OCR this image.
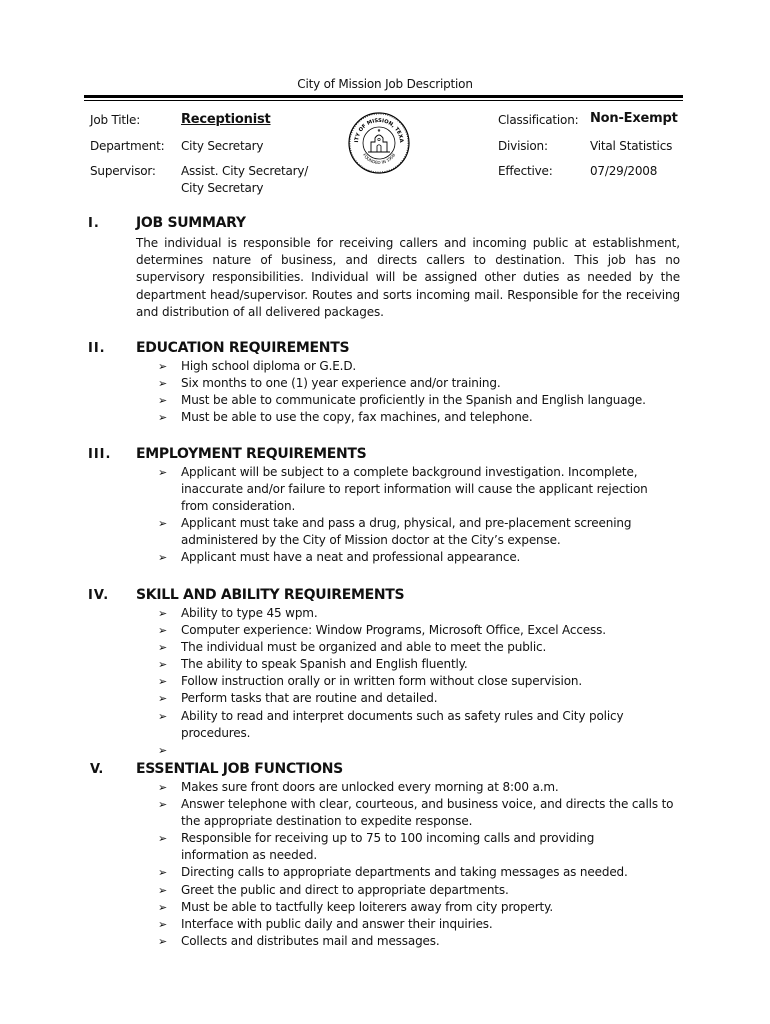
City of Mission Job Description
Job Title:	Receptionist
Department: City Secretary
Supervisor: Assist. City Secretary/
City Secretary
ITY OF MISSION, TEXA
FOUNDED IN 1908
Classification: Non-Exempt
Division:	Vital Statistics
Effective:	07/29/2008
I.	JOB SUMMARY
The individual is responsible for receiving callers and incoming public at establishment, determines nature of business, and directs callers to destination. This job has no supervisory responsibilities. Individual will be assigned other duties as needed by the department head/supervisor. Routes and sorts incoming mail. Responsible for the receiving and distribution of all delivered packages.
II. EDUCATION REQUIREMENTS
➢ High school diploma or G.E.D.
➢ Six months to one (1) year experience and/or training.
➢ Must be able to communicate proficiently in the Spanish and English language.
➢ Must be able to use the copy, fax machines, and telephone.
III. EMPLOYMENT REQUIREMENTS
➢ Applicant will be subject to a complete background investigation. Incomplete, inaccurate and/or failure to report information will cause the applicant rejection from consideration.
➢ Applicant must take and pass a drug, physical, and pre-placement screening administered by the City of Mission doctor at the City’s expense.
➢ Applicant must have a neat and professional appearance.
IV. SKILL AND ABILITY REQUIREMENTS
➢ Ability to type 45 wpm.
➢ Computer experience: Window Programs, Microsoft Office, Excel Access.
➢ The individual must be organized and able to meet the public.
➢ The ability to speak Spanish and English fluently.
➢ Follow instruction orally or in written form without close supervision.
➢ Perform tasks that are routine and detailed.
➢ Ability to read and interpret documents such as safety rules and City policy procedures.
➢
V. ESSENTIAL JOB FUNCTIONS
➢ Makes sure front doors are unlocked every morning at 8:00 a.m.
➢ Answer telephone with clear, courteous, and business voice, and directs the calls to the appropriate destination to expedite response.
➢ Responsible for receiving up to 75 to 100 incoming calls and providing information as needed.
➢ Directing calls to appropriate departments and taking messages as needed.
➢ Greet the public and direct to appropriate departments.
➢ Must be able to tactfully keep loiterers away from city property.
➢ Interface with public daily and answer their inquiries.
➢ Collects and distributes mail and messages.
